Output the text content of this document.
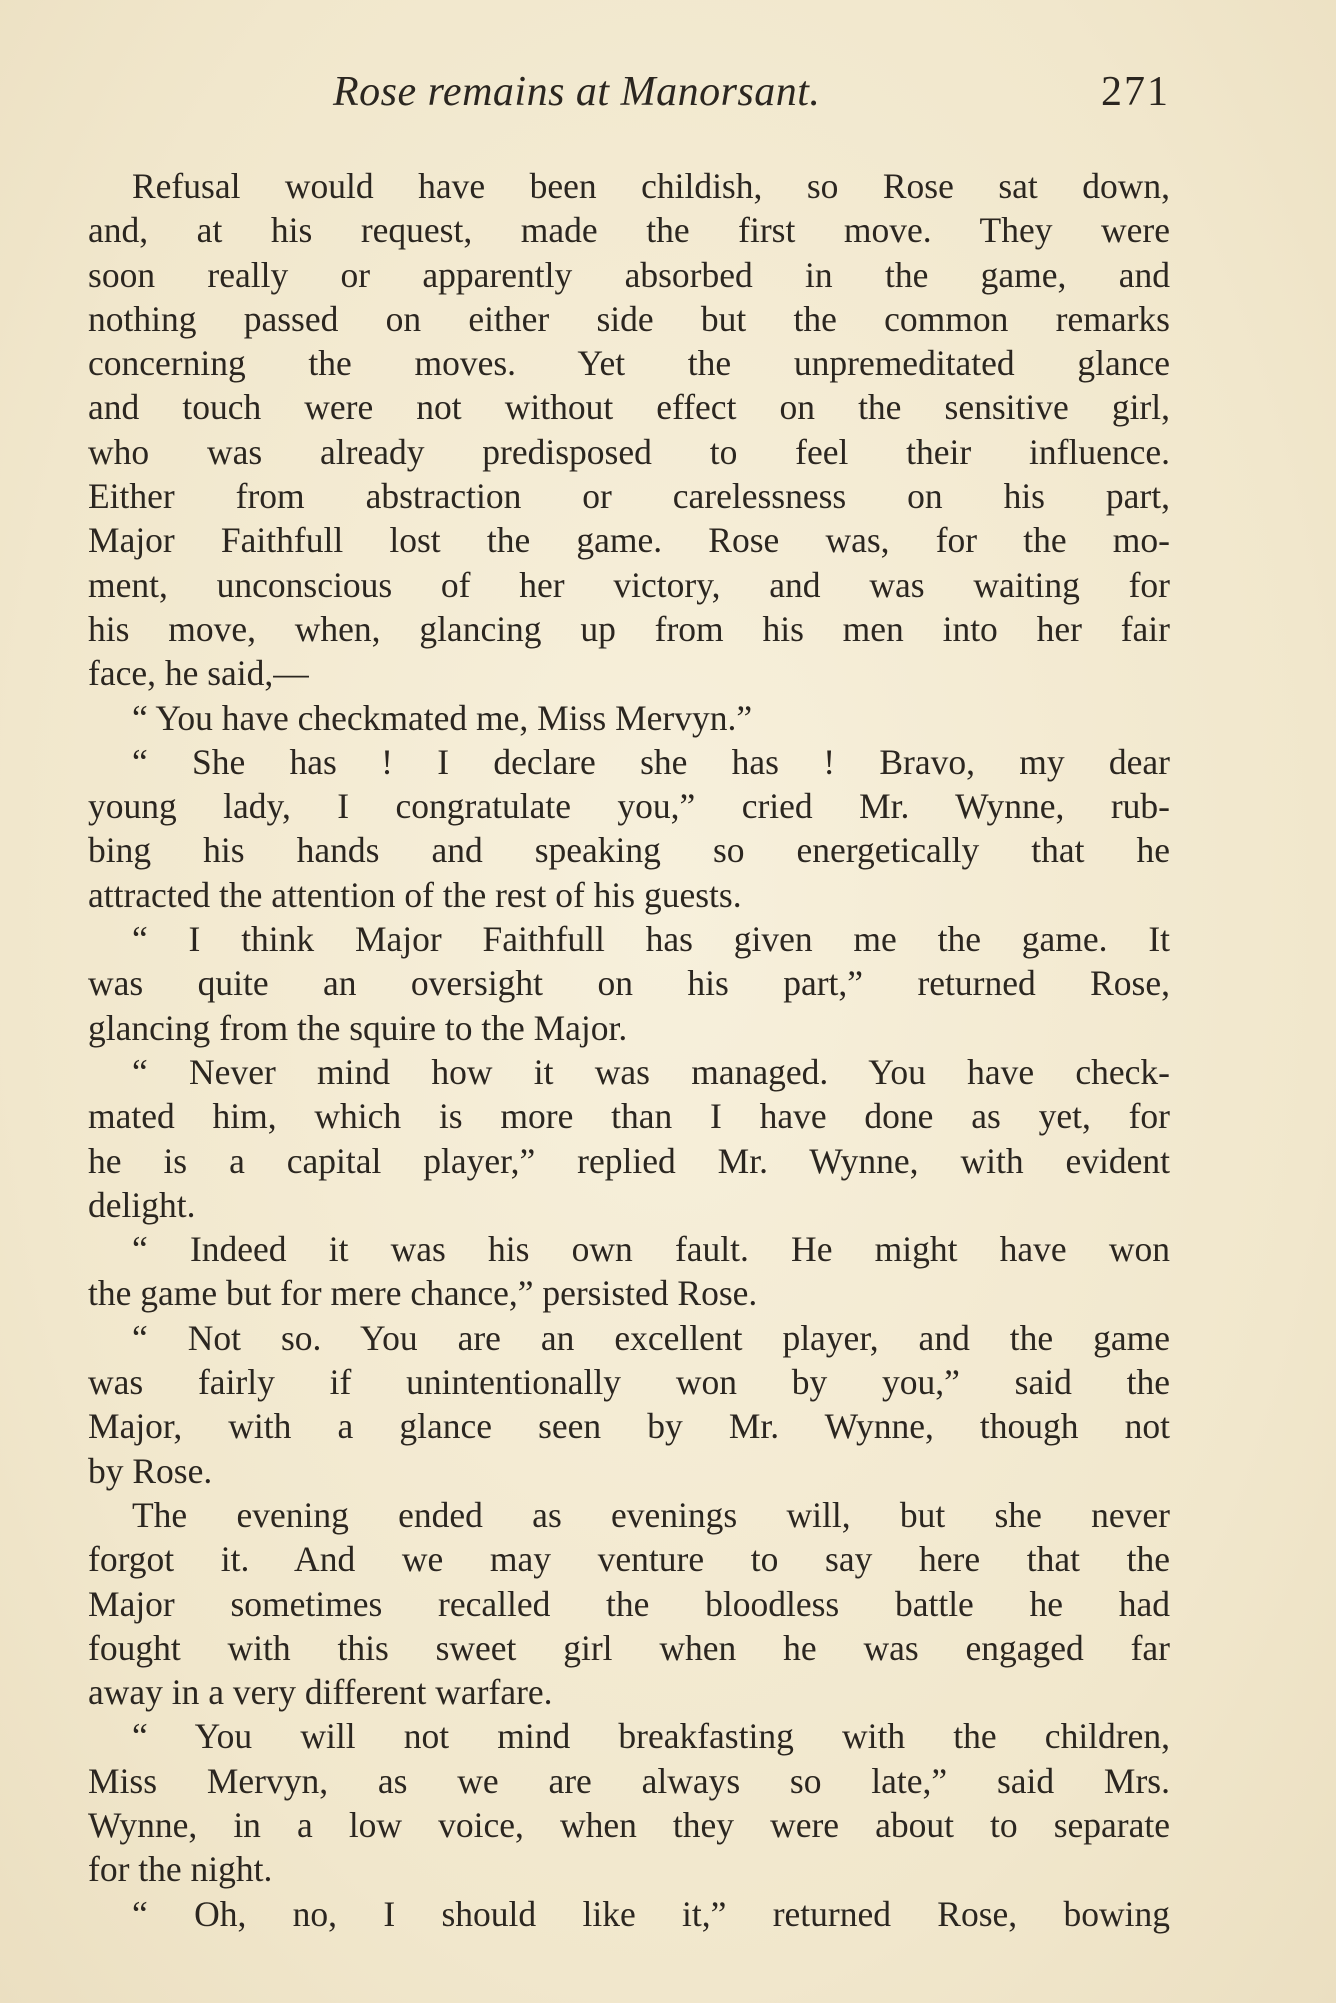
Rose remains at Manorsant.	271
Refusal would have been childish, so Rose sat down,
and, at his request, made the first move. They were
soon really or apparently absorbed in the game, and
nothing passed on either side but the common remarks
concerning the moves. Yet the unpremeditated glance
and touch were not without effect on the sensitive girl,
who was already predisposed to feel their influence.
Either from abstraction or carelessness on his part,
Major Faithfull lost the game. Rose was, for the mo-
ment, unconscious of her victory, and was waiting for
his move, when, glancing up from his men into her fair
face, he said,—
“ You have checkmated me, Miss Mervyn.”
“ She has ! I declare she has ! Bravo, my dear
young lady, I congratulate you,” cried Mr. Wynne, rub-
bing his hands and speaking so energetically that he
attracted the attention of the rest of his guests.
“ I think Major Faithfull has given me the game. It
was quite an oversight on his part,” returned Rose,
glancing from the squire to the Major.
“ Never mind how it was managed. You have check-
mated him, which is more than I have done as yet, for
he is a capital player,” replied Mr. Wynne, with evident
delight.
“ Indeed it was his own fault. He might have won
the game but for mere chance,” persisted Rose.
“ Not so. You are an excellent player, and the game
was fairly if unintentionally won by you,” said the
Major, with a glance seen by Mr. Wynne, though not
by Rose.
The evening ended as evenings will, but she never
forgot it. And we may venture to say here that the
Major sometimes recalled the bloodless battle he had
fought with this sweet girl when he was engaged far
away in a very different warfare.
“ You will not mind breakfasting with the children,
Miss Mervyn, as we are always so late,” said Mrs.
Wynne, in a low voice, when they were about to separate
for the night.
“ Oh, no, I should like it,” returned Rose, bowing
